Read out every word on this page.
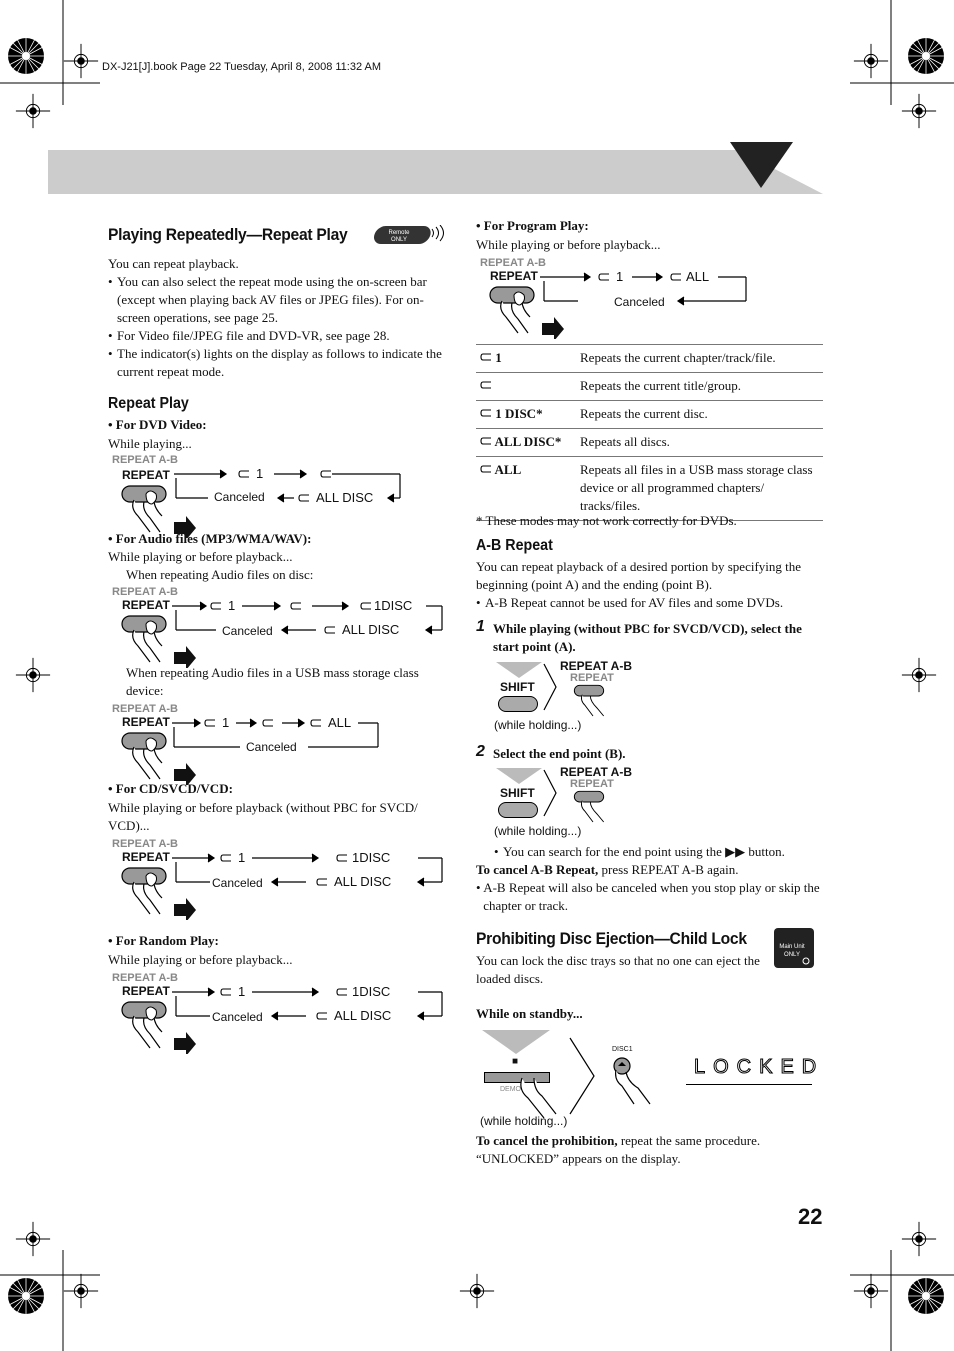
DX-J21[J].book Page 22 Tuesday, April 8, 2008 11:32 AM
Playing Repeatedly—Repeat Play	Remote
ONLY
You can repeat playback.
• You can also select the repeat mode using the on-screen bar (except when playing back AV files or JPEG files). For on-screen operations, see page 25.
• For Video file/JPEG file and DVD-VR, see page 28.
• The indicator(s) lights on the display as follows to indicate the current repeat mode.
Repeat Play
• For DVD Video:
While playing...
REPEAT A-B
REPEAT	1
Canceled	ALL DISC
• For Audio files (MP3/WMA/WAV):
While playing or before playback...
When repeating Audio files on disc:
REPEAT A-B
REPEAT	1	1DISC
Canceled	ALL DISC
When repeating Audio files in a USB mass storage class device:
REPEAT A-B
REPEAT	1	ALL
Canceled
• For CD/SVCD/VCD:
While playing or before playback (without PBC for SVCD/ VCD)...
REPEAT A-B
REPEAT	1	1DISC
Canceled	ALL DISC
• For Random Play:
While playing or before playback...
REPEAT A-B
REPEAT	1	1DISC
Canceled	ALL DISC
• For Program Play:
While playing or before playback...
REPEAT A-B
REPEAT	1	ALL
Canceled
1	Repeats the current chapter/track/file.
	Repeats the current title/group.
1 DISC*	Repeats the current disc.
ALL DISC*	Repeats all discs.
ALL	Repeats all files in a USB mass storage class device or all programmed chapters/ tracks/files.
* These modes may not work correctly for DVDs.
A-B Repeat
You can repeat playback of a desired portion by specifying the beginning (point A) and the ending (point B).
• A-B Repeat cannot be used for AV files and some DVDs.
1 While playing (without PBC for SVCD/VCD), select the start point (A).
SHIFT
REPEAT A-B
REPEAT
(while holding...)
2 Select the end point (B).
SHIFT
REPEAT A-B
REPEAT
(while holding...)
• You can search for the end point using the ▶▶ button.
To cancel A-B Repeat, press REPEAT A-B again.
• A-B Repeat will also be canceled when you stop play or skip the chapter or track.
Prohibiting Disc Ejection—Child Lock	Main Unit
ONLY
You can lock the disc trays so that no one can eject the loaded discs.
While on standby...
■
DEMO
DISC1
LOCKED
(while holding...)
To cancel the prohibition, repeat the same procedure.
“UNLOCKED” appears on the display.
22
